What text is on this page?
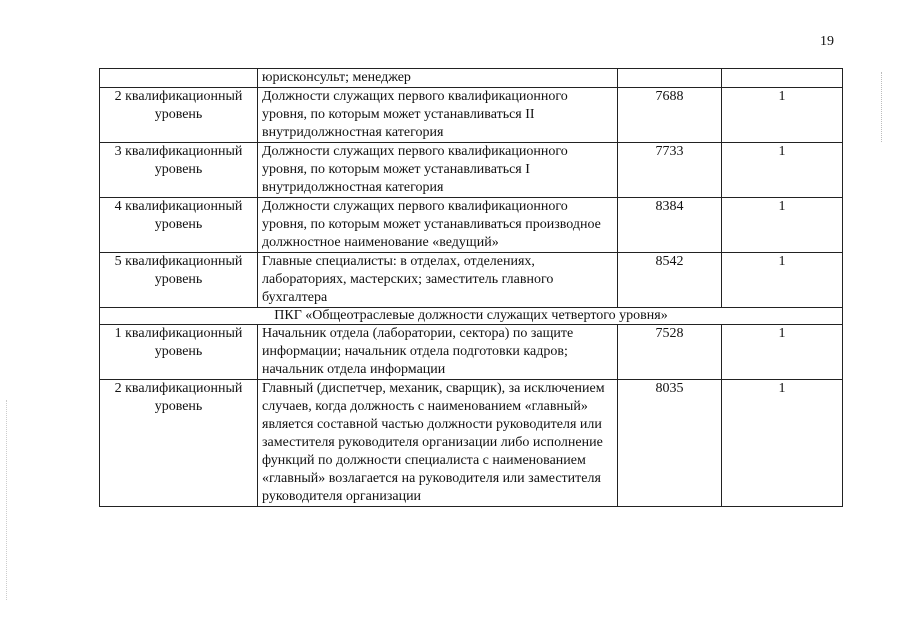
19
	юрисконсульт; менеджер		
2 квалификационный уровень	Должности служащих первого квалификационного уровня, по которым может устанавливаться II внутридолжностная категория	7688	1
3 квалификационный уровень	Должности служащих первого квалификационного уровня, по которым может устанавливаться I внутридолжностная категория	7733	1
4 квалификационный уровень	Должности служащих первого квалификационного уровня, по которым может устанавливаться производное должностное наименование «ведущий»	8384	1
5 квалификационный уровень	Главные специалисты: в отделах, отделениях, лабораториях, мастерских; заместитель главного бухгалтера	8542	1
ПКГ «Общеотраслевые должности служащих четвертого уровня»			
1 квалификационный уровень	Начальник отдела (лаборатории, сектора) по защите информации; начальник отдела подготовки кадров; начальник отдела информации	7528	1
2 квалификационный уровень	Главный (диспетчер, механик, сварщик), за исключением случаев, когда должность с наименованием «главный» является составной частью должности руководителя или заместителя руководителя организации либо исполнение функций по должности специалиста с наименованием «главный» возлагается на руководителя или заместителя руководителя организации	8035	1
